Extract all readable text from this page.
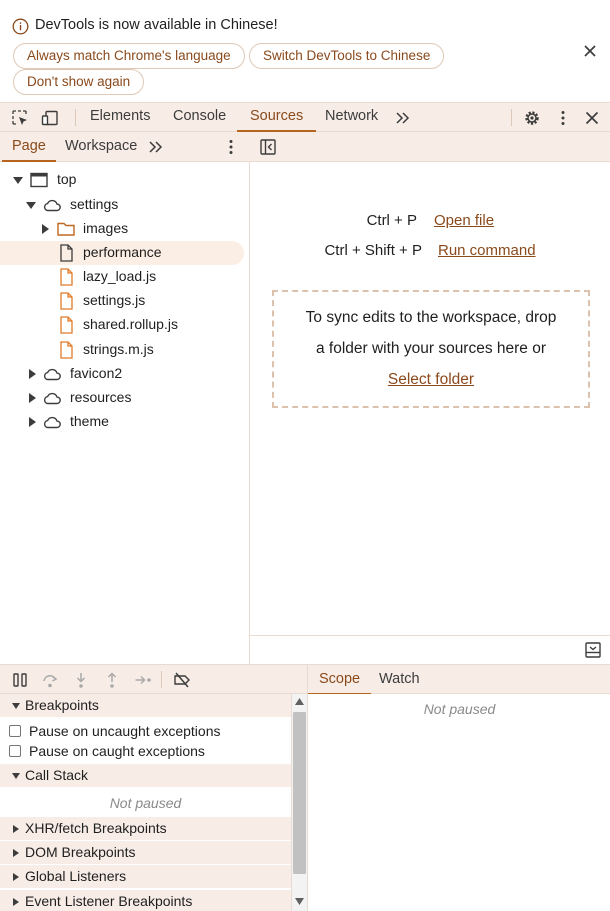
DevTools is now available in Chinese!
Always match Chrome's language	Switch DevTools to Chinese
Don't show again
Elements Console	Sources	Network
Page	Workspace
top
settings
images
performance
lazy_load.js
settings.js
shared.rollup.js
strings.m.js
favicon2
resources
theme
Ctrl + P Open file
Ctrl + Shift + P Run command
To sync edits to the workspace, drop
a folder with your sources here or
Select folder
Breakpoints
Pause on uncaught exceptions
Pause on caught exceptions
Call Stack
Not paused
XHR/fetch Breakpoints
DOM Breakpoints
Global Listeners
Event Listener Breakpoints
Scope	Watch
Not paused
